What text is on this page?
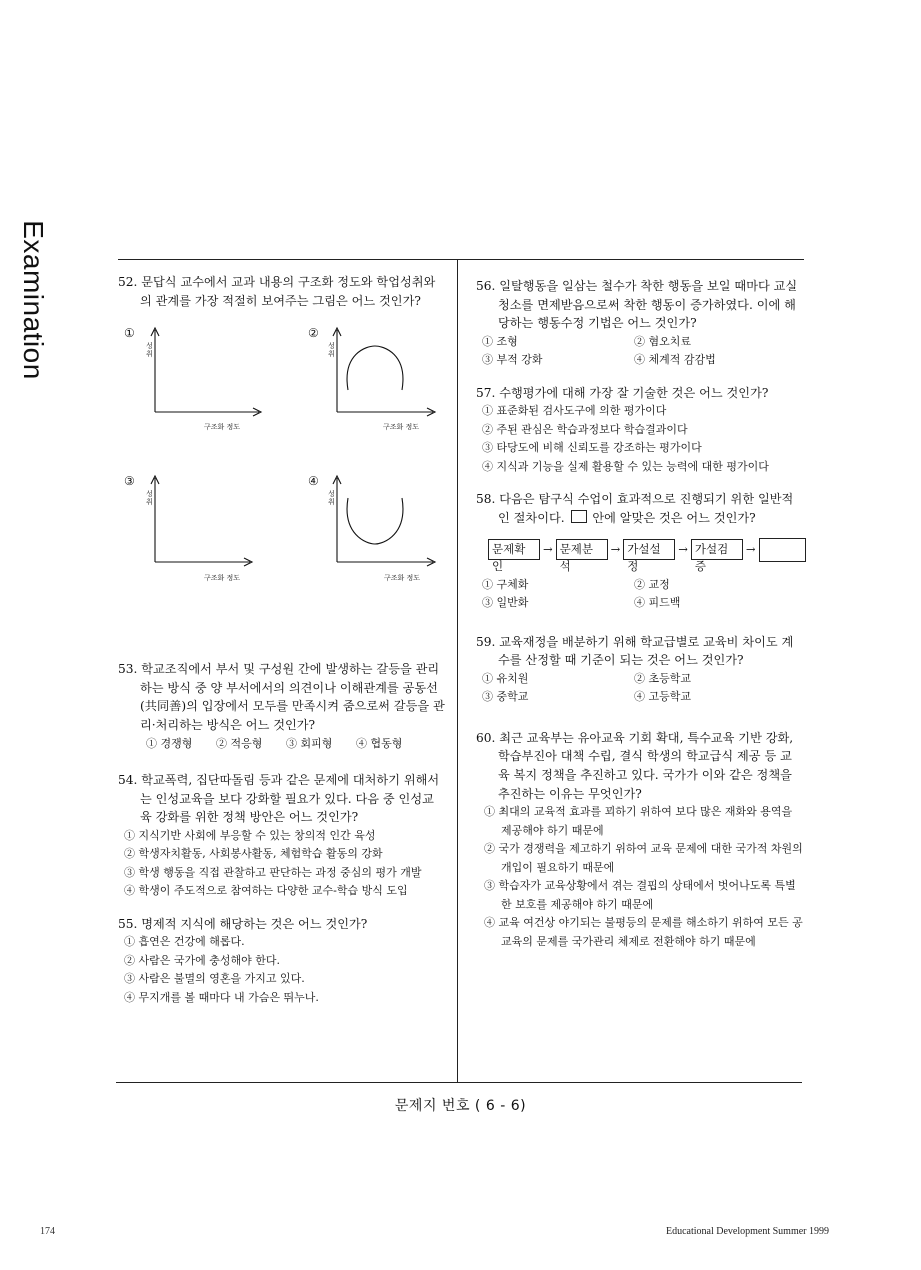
Examination	52. 문답식 교수에서 교과 내용의 구조화 정도와 학업성취와 의 관계를 가장 적절히 보여주는 그림은 어느 것인가?

①
성취
구조화 정도
②
성취
구조화 정도
③
성취
구조화 정도
④
성취
구조화 정도

53. 학교조직에서 부서 및 구성원 간에 발생하는 갈등을 관리 하는 방식 중 양 부서에서의 의견이나 이해관계를 공동선 (共同善)의 입장에서 모두를 만족시켜 줌으로써 갈등을 관리·처리하는 방식은 어느 것인가?

① 경쟁형	② 적응형	③ 회피형	④ 협동형

54. 학교폭력, 집단따돌림 등과 같은 문제에 대처하기 위해서 는 인성교육을 보다 강화할 필요가 있다. 다음 중 인성교 육 강화를 위한 정책 방안은 어느 것인가?

① 지식기반 사회에 부응할 수 있는 창의적 인간 육성
② 학생자치활동, 사회봉사활동, 체험학습 활동의 강화
③ 학생 행동을 직접 관찰하고 판단하는 과정 중심의 평가 개발
④ 학생이 주도적으로 참여하는 다양한 교수-학습 방식 도입

55. 명제적 지식에 해당하는 것은 어느 것인가?

① 흡연은 건강에 해롭다.
② 사람은 국가에 충성해야 한다.
③ 사람은 불멸의 영혼을 가지고 있다.
④ 무지개를 볼 때마다 내 가슴은 뛰누나.

56. 일탈행동을 일삼는 철수가 착한 행동을 보일 때마다 교실 청소를 면제받음으로써 착한 행동이 증가하였다. 이에 해 당하는 행동수정 기법은 어느 것인가?

① 조형	② 혐오치료
③ 부적 강화	④ 체계적 감감법

57. 수행평가에 대해 가장 잘 기술한 것은 어느 것인가?

① 표준화된 검사도구에 의한 평가이다
② 주된 관심은 학습과정보다 학습결과이다
③ 타당도에 비해 신뢰도를 강조하는 평가이다
④ 지식과 기능을 실제 활용할 수 있는 능력에 대한 평가이다

58. 다음은 탐구식 수업이 효과적으로 진행되기 위한 일반적 인 절차이다. 안에 알맞은 것은 어느 것인가?

문제확인
→ 문제분석
→ 가설설정
→ 가설검증
→
① 구체화	② 교정
③ 일반화	④ 피드백

59. 교육재정을 배분하기 위해 학교급별로 교육비 차이도 계 수를 산정할 때 기준이 되는 것은 어느 것인가?

① 유치원	② 초등학교
③ 중학교	④ 고등학교

60. 최근 교육부는 유아교육 기회 확대, 특수교육 기반 강화, 학습부진아 대책 수립, 결식 학생의 학교급식 제공 등 교 육 복지 정책을 추진하고 있다. 국가가 이와 같은 정책을 추진하는 이유는 무엇인가?

① 최대의 교육적 효과를 꾀하기 위하여 보다 많은 재화와 용역을 제공해야 하기 때문에
② 국가 경쟁력을 제고하기 위하여 교육 문제에 대한 국가적 차원의 개입이 필요하기 때문에
③ 학습자가 교육상황에서 겪는 결핍의 상태에서 벗어나도록 특별한 보호를 제공해야 하기 때문에
④ 교육 여건상 야기되는 불평등의 문제를 해소하기 위하여 모든 공교육의 문제를 국가관리 체제로 전환해야 하기 때문에
문제지 번호 ( 6 - 6)
174	Educational Development Summer 1999
